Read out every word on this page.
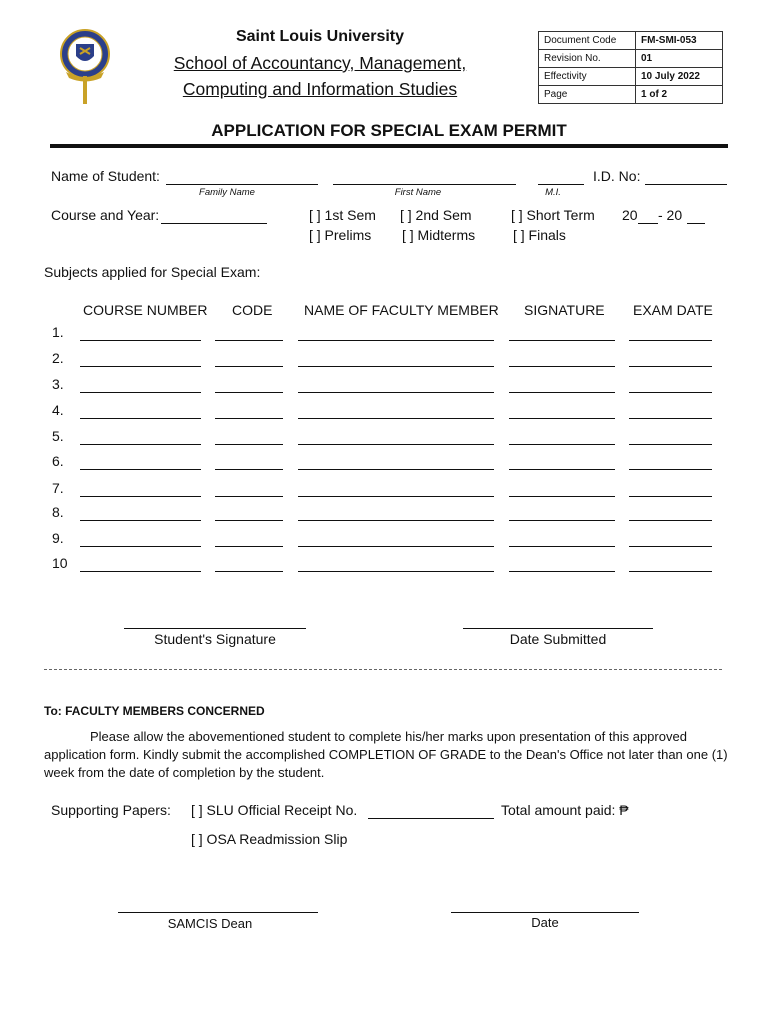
Saint Louis University
School of Accountancy, Management,
Computing and Information Studies
Document Code	FM-SMI-053
Revision No.	01
Effectivity	10 July 2022
Page	1 of 2
APPLICATION FOR SPECIAL EXAM PERMIT
Name of Student:	I.D. No:
Family Name	First Name	M.I.
Course and Year:	[ ] 1st Sem [ ] 2nd Sem	[ ] Short Term 20 - 20
[ ] Prelims [ ] Midterms	[ ] Finals
Subjects applied for Special Exam:
COURSE NUMBER CODE NAME OF FACULTY MEMBER SIGNATURE EXAM DATE
1.
2.
3.
4.
5.
6.
7.
8.
9.
10
Student's Signature	Date Submitted
To: FACULTY MEMBERS CONCERNED
Please allow the abovementioned student to complete his/her marks upon presentation of this approved
application form. Kindly submit the accomplished COMPLETION OF GRADE to the Dean's Office not later than one (1)
week from the date of completion by the student.
Supporting Papers: [ ] SLU Official Receipt No.	Total amount paid: ₱
[ ] OSA Readmission Slip
SAMCIS Dean	Date
